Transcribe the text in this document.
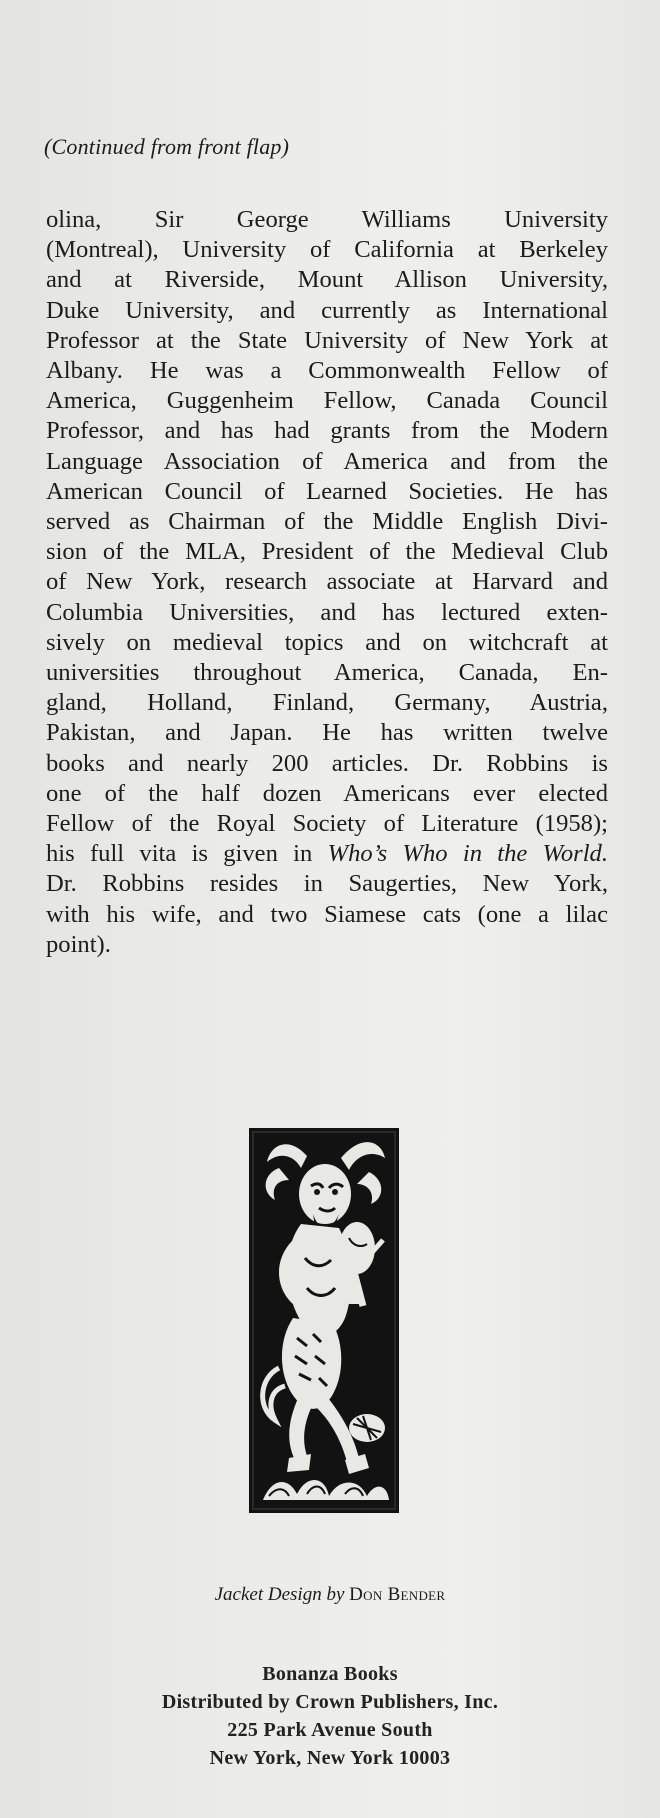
(Continued from front flap)
olina, Sir George Williams University
(Montreal), University of California at Berkeley
and at Riverside, Mount Allison University,
Duke University, and currently as International
Professor at the State University of New York at
Albany. He was a Commonwealth Fellow of
America, Guggenheim Fellow, Canada Council
Professor, and has had grants from the Modern
Language Association of America and from the
American Council of Learned Societies. He has
served as Chairman of the Middle English Divi-
sion of the MLA, President of the Medieval Club
of New York, research associate at Harvard and
Columbia Universities, and has lectured exten-
sively on medieval topics and on witchcraft at
universities throughout America, Canada, En-
gland, Holland, Finland, Germany, Austria,
Pakistan, and Japan. He has written twelve
books and nearly 200 articles. Dr. Robbins is
one of the half dozen Americans ever elected
Fellow of the Royal Society of Literature (1958);
his full vita is given in Who’s Who in the World.
Dr. Robbins resides in Saugerties, New York,
with his wife, and two Siamese cats (one a lilac
point).
Jacket Design by Don Bender
Bonanza Books
Distributed by Crown Publishers, Inc.
225 Park Avenue South
New York, New York 10003
